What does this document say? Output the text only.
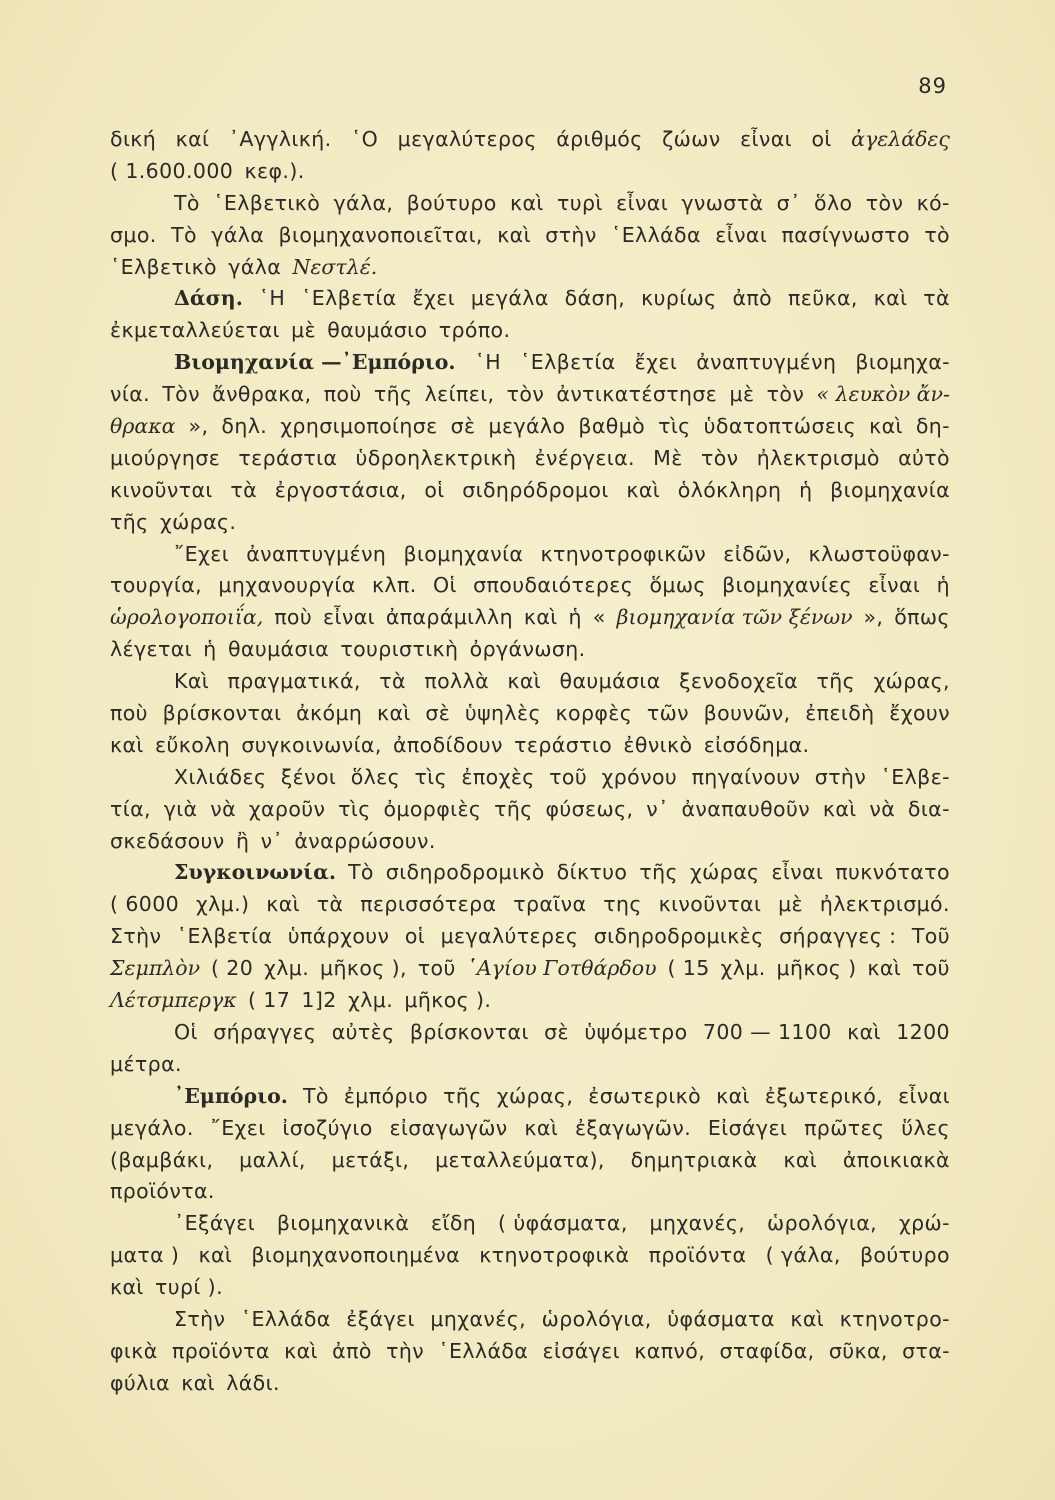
89
δική καί ᾿Αγγλική. ῾Ο μεγαλύτερος άριθμός ζώων εἶναι οἱ ἀγελάδες
( 1.600.000 κεφ.).
Τὸ ῾Ελβετικὸ γάλα, βούτυρο καὶ τυρὶ εἶναι γνωστὰ σ᾿ ὅλο τὸν κό-
σμο. Τὸ γάλα βιομηχανοποιεῖται, καὶ στὴν ῾Ελλάδα εἶναι πασίγνωστο τὸ
῾Ελβετικὸ γάλα Νεστλέ.
Δάση. ῾Η ῾Ελβετία ἔχει μεγάλα δάση, κυρίως ἀπὸ πεῦκα, καὶ τὰ
ἐκμεταλλεύεται μὲ θαυμάσιο τρόπο.
Βιομηχανία —᾿Εμπόριο. ῾Η ῾Ελβετία ἔχει ἀναπτυγμένη βιομηχα-
νία. Τὸν ἄνθρακα, ποὺ τῆς λείπει, τὸν ἀντικατέστησε μὲ τὸν « λευκὸν ἄν-
θρακα », δηλ. χρησιμοποίησε σὲ μεγάλο βαθμὸ τὶς ὑδατοπτώσεις καὶ δη-
μιούργησε τεράστια ὑδροηλεκτρικὴ ἐνέργεια. Μὲ τὸν ἠλεκτρισμὸ αὐτὸ
κινοῦνται τὰ ἐργοστάσια, οἱ σιδηρόδρομοι καὶ ὁλόκληρη ἡ βιομηχανία
τῆς χώρας.
῎Εχει ἀναπτυγμένη βιομηχανία κτηνοτροφικῶν εἰδῶν, κλωστοϋφαν-
τουργία, μηχανουργία κλπ. Οἱ σπουδαιότερες ὅμως βιομηχανίες εἶναι ἡ
ὡρολογοποιΐα, ποὺ εἶναι ἀπαράμιλλη καὶ ἡ « βιομηχανία τῶν ξένων », ὅπως
λέγεται ἡ θαυμάσια τουριστικὴ ὀργάνωση.
Καὶ πραγματικά, τὰ πολλὰ καὶ θαυμάσια ξενοδοχεῖα τῆς χώρας,
ποὺ βρίσκονται ἀκόμη καὶ σὲ ὑψηλὲς κορφὲς τῶν βουνῶν, ἐπειδὴ ἔχουν
καὶ εὔκολη συγκοινωνία, ἀποδίδουν τεράστιο ἐθνικὸ εἰσόδημα.
Χιλιάδες ξένοι ὅλες τὶς ἐποχὲς τοῦ χρόνου πηγαίνουν στὴν ῾Ελβε-
τία, γιὰ νὰ χαροῦν τὶς ὀμορφιὲς τῆς φύσεως, ν᾿ ἀναπαυθοῦν καὶ νὰ δια-
σκεδάσουν ἢ ν᾿ ἀναρρώσουν.
Συγκοινωνία. Τὸ σιδηροδρομικὸ δίκτυο τῆς χώρας εἶναι πυκνότατο
( 6000 χλμ.) καὶ τὰ περισσότερα τραῖνα της κινοῦνται μὲ ἠλεκτρισμό.
Στὴν ῾Ελβετία ὑπάρχουν οἱ μεγαλύτερες σιδηροδρομικὲς σήραγγες : Τοῦ
Σεμπλὸν ( 20 χλμ. μῆκος ), τοῦ ῾Αγίου Γοτθάρδου ( 15 χλμ. μῆκος ) καὶ τοῦ
Λέτσμπεργκ ( 17 1]2 χλμ. μῆκος ).
Οἱ σήραγγες αὐτὲς βρίσκονται σὲ ὑψόμετρο 700 — 1100 καὶ 1200
μέτρα.
᾿Εμπόριο. Τὸ ἐμπόριο τῆς χώρας, ἐσωτερικὸ καὶ ἐξωτερικό, εἶναι
μεγάλο. ῎Εχει ἰσοζύγιο εἰσαγωγῶν καὶ ἐξαγωγῶν. Εἰσάγει πρῶτες ὕλες
(βαμβάκι, μαλλί, μετάξι, μεταλλεύματα), δημητριακὰ καὶ ἀποικιακὰ
προϊόντα.
᾿Εξάγει βιομηχανικὰ εἴδη ( ὑφάσματα, μηχανές, ὡρολόγια, χρώ-
ματα ) καὶ βιομηχανοποιημένα κτηνοτροφικὰ προϊόντα ( γάλα, βούτυρο
καὶ τυρί ).
Στὴν ῾Ελλάδα ἐξάγει μηχανές, ὡρολόγια, ὑφάσματα καὶ κτηνοτρο-
φικὰ προϊόντα καὶ ἀπὸ τὴν ῾Ελλάδα εἰσάγει καπνό, σταφίδα, σῦκα, στα-
φύλια καὶ λάδι.
